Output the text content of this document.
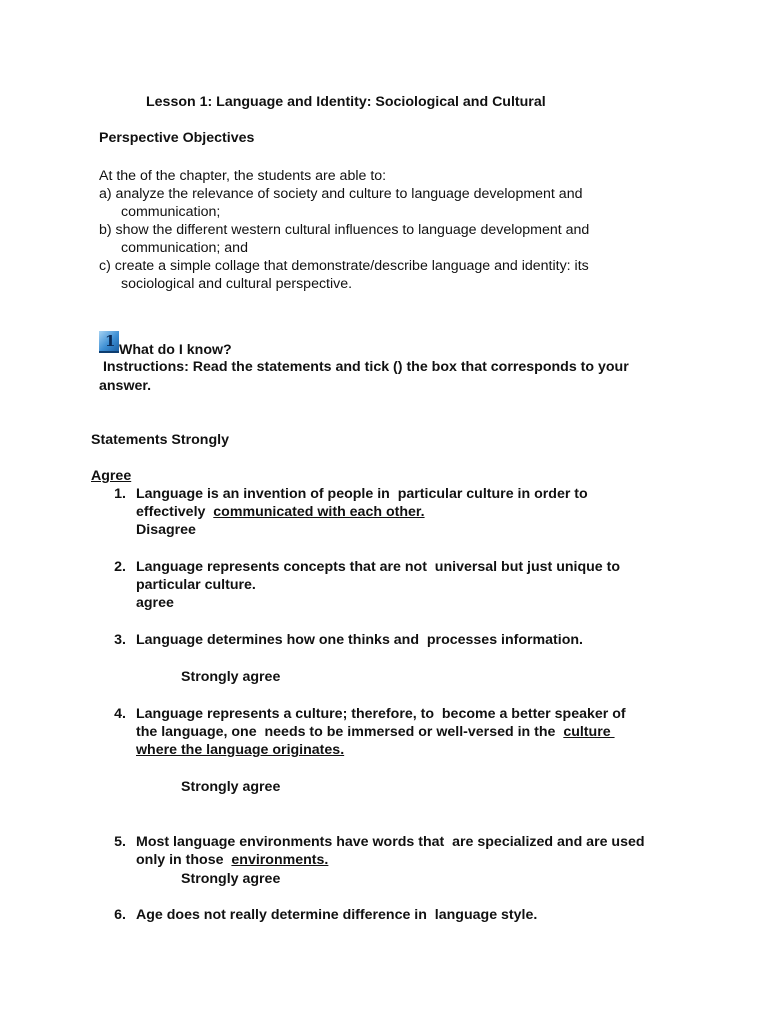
Lesson 1: Language and Identity: Sociological and Cultural
Perspective Objectives
At the of the chapter, the students are able to:
a) analyze the relevance of society and culture to language development and
communication;
b) show the different western cultural influences to language development and
communication; and
c) create a simple collage that demonstrate/describe language and identity: its
sociological and cultural perspective.
1 What do I know?
Instructions: Read the statements and tick () the box that corresponds to your
answer.
Statements Strongly
Agree
1. Language is an invention of people in  particular culture in order to
effectively  communicated with each other.
Disagree
2. Language represents concepts that are not  universal but just unique to
particular culture.
agree
3. Language determines how one thinks and  processes information.
Strongly agree
4. Language represents a culture; therefore, to  become a better speaker of
the language, one  needs to be immersed or well-versed in the  culture
where the language originates.
Strongly agree
5. Most language environments have words that  are specialized and are used
only in those  environments.
Strongly agree
6. Age does not really determine difference in  language style.
